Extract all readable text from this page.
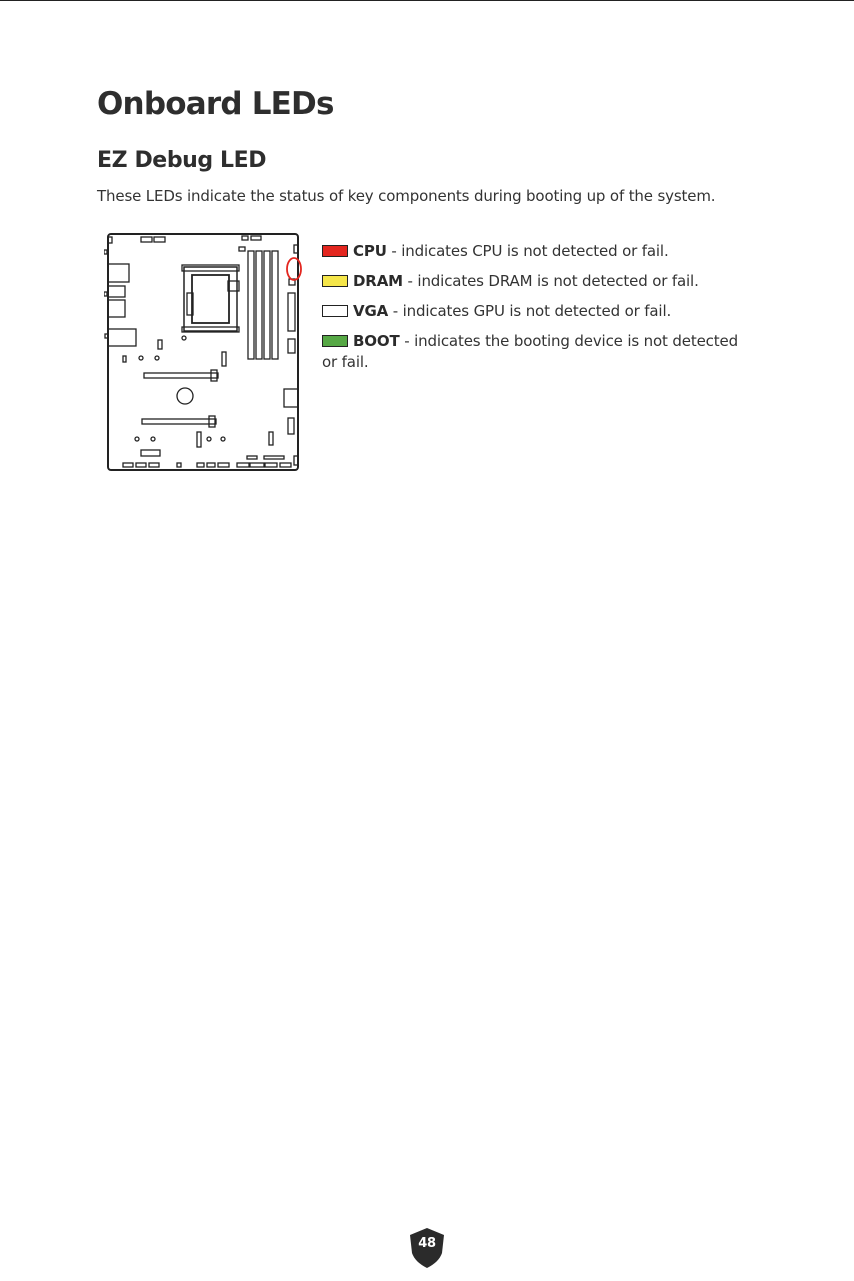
Onboard LEDs
EZ Debug LED

These LEDs indicate the status of key components during booting up of the system.

CPU - indicates CPU is not detected or fail.
DRAM - indicates DRAM is not detected or fail.
VGA - indicates GPU is not detected or fail.
BOOT - indicates the booting device is not detected or fail.
48
